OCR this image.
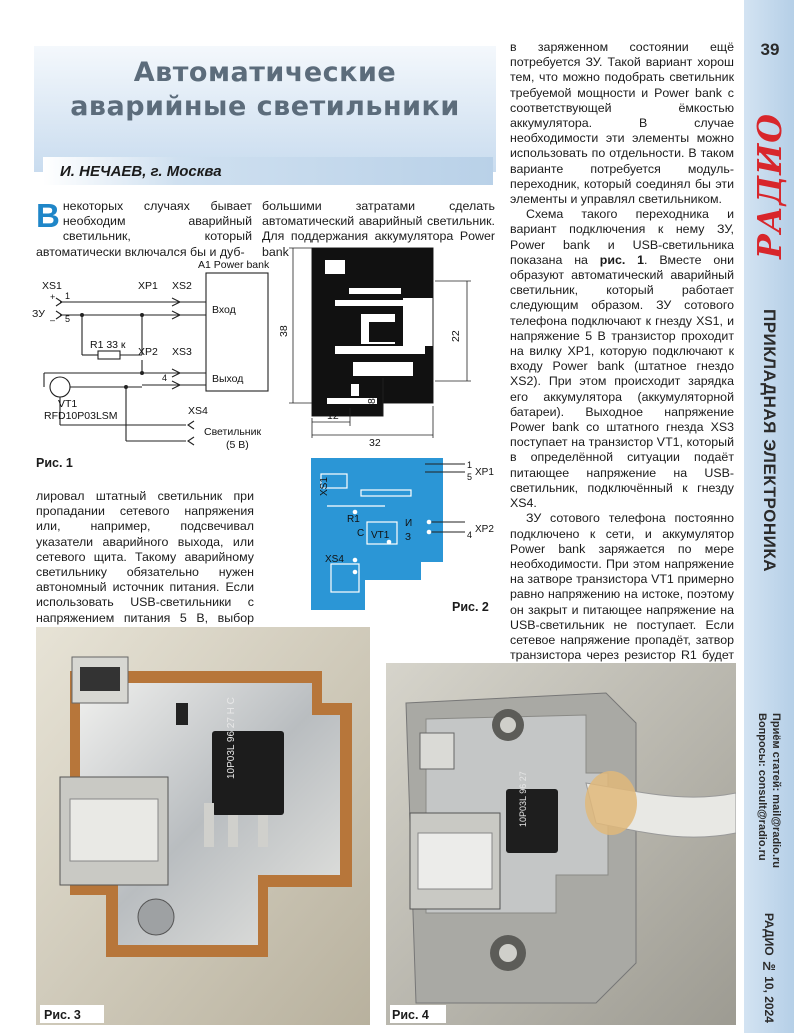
Автоматические
аварийные светильники
И. НЕЧАЕВ, г. Москва

Внекоторых случаях бывает необходим аварийный светильник, который автоматически включался бы и дуб-

большими затратами сделать автоматический аварийный светильник. Для поддержания аккумулятора Power bank

лировал штатный светильник при пропадании сетевого напряжения или, например, подсвечивал указатели аварийного выхода, или сетевого щита. Такому аварийному светильнику обязательно нужен автономный источник питания. Если использовать USB-светильники с напряжением питания 5 В, выбор

в заряженном состоянии ещё потребуется ЗУ. Такой вариант хорош тем, что можно подобрать светильник требуемой мощности и Power bank с соответствующей ёмкостью аккумулятора. В случае необходимости эти элементы можно использовать по отдельности. В таком варианте потребуется модуль-переходник, который соединял бы эти элементы и управлял светильником.

Схема такого переходника и вариант подключения к нему ЗУ, Power bank и USB-светильника показана на рис. 1. Вместе они образуют автоматический аварийный светильник, который работает следующим образом. ЗУ сотового телефона подключают к гнезду XS1, и напряжение 5 В транзистор проходит на вилку XP1, которую подключают к входу Power bank (штатное гнездо XS2). При этом происходит зарядка его аккумулятора (аккумуляторной батареи). Выходное напряжение Power bank со штатного гнезда XS3 поступает на транзистор VT1, который в определённой ситуации подаёт питающее напряжение на USB-светильник, подключённый к гнезду XS4.

ЗУ сотового телефона постоянно подключено к сети, и аккумулятор Power bank заряжается по мере необходимости. При этом напряжение на затворе транзистора VT1 примерно равно напряжению на истоке, поэтому он закрыт и питающее напряжение на USB-светильник не поступает. Если сетевое напряжение пропадёт, затвор транзистора через резистор R1 будет

A1 Power bank
XS1	XP1 XS2
ЗУ	Вход
R1 33 к
XP2 XS3
Выход
VT1
RFD10P03LSM	XS4
Светильник
(5 В)
+
–
1
5
4
Рис. 1
38	22
8
12
32
XS1
R1
С
И
З
VT1
XS4
XP1
XP2
1
5
4
Рис. 2
10P03L 96 27 H C
Рис. 3
10P03L 96 27
Рис. 4
39
РАДИО
ПРИКЛАДНАЯ ЭЛЕКТРОНИКА
Приём статей: mail@radio.ru
Вопросы: consult@radio.ru
РАДИО № 10, 2024
